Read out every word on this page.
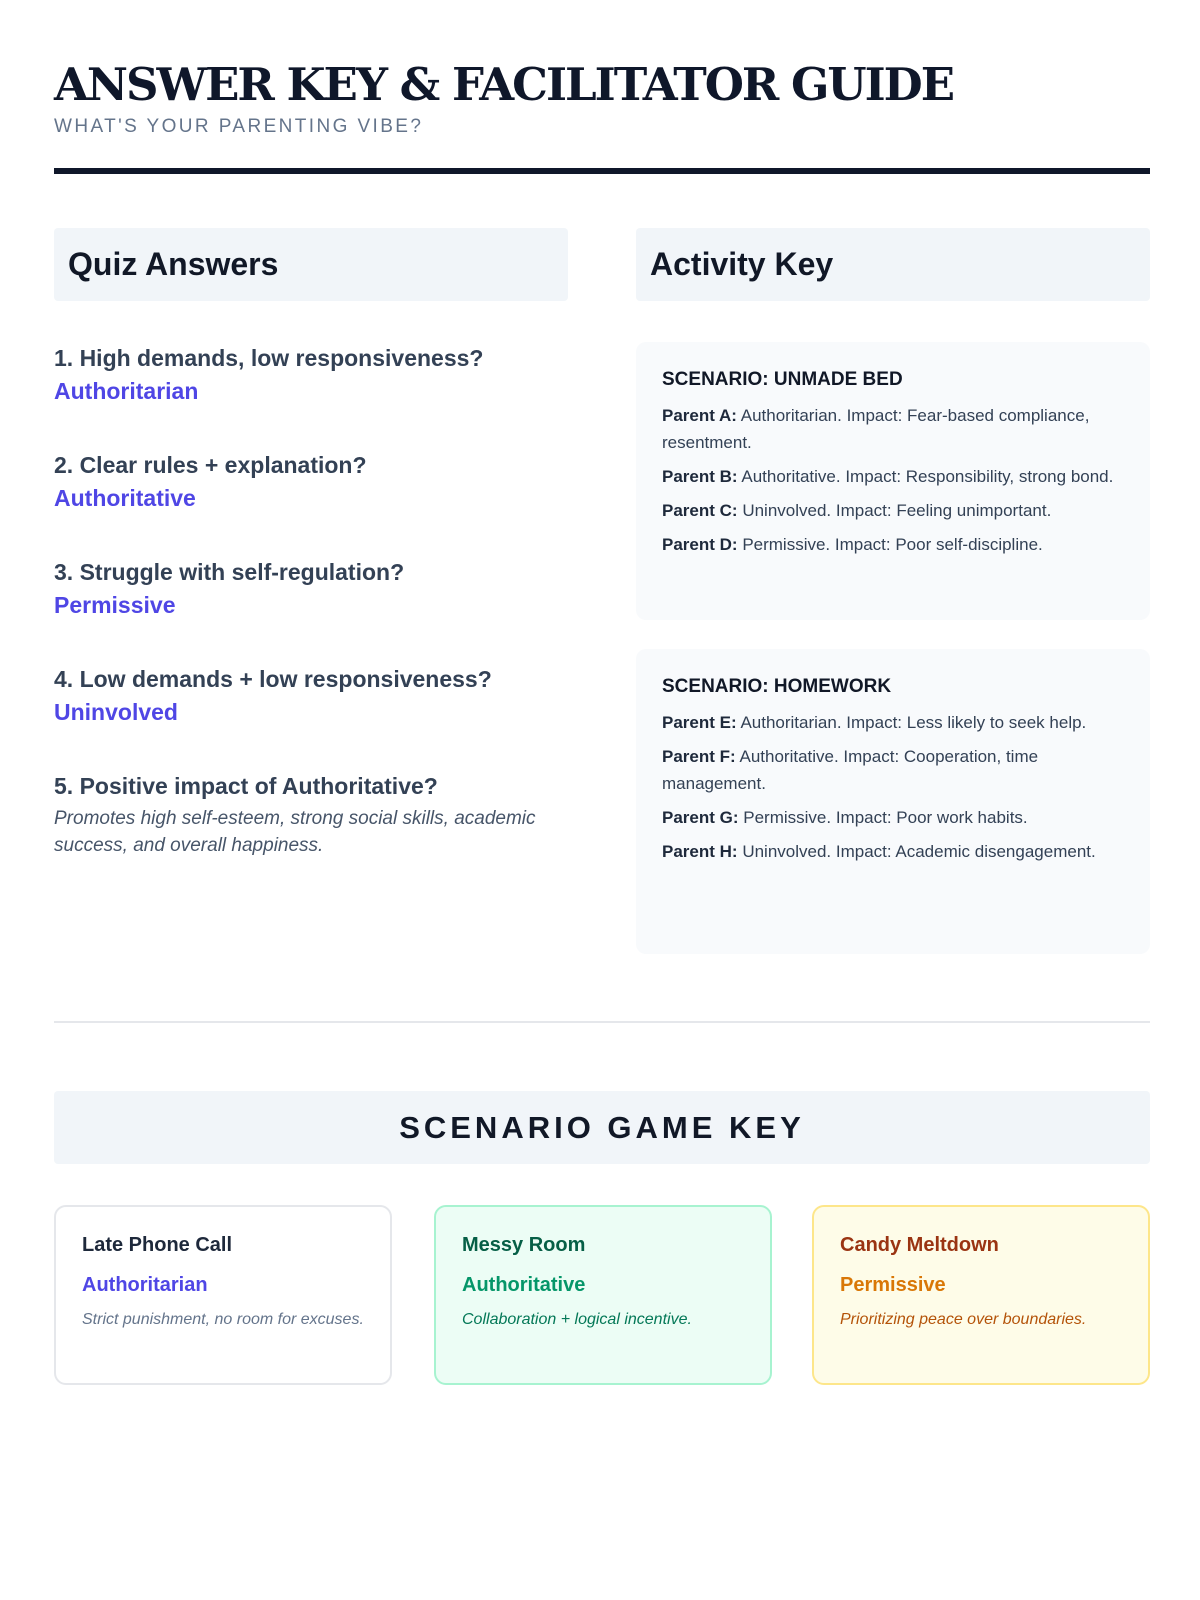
ANSWER KEY & FACILITATOR GUIDE
WHAT'S YOUR PARENTING VIBE?
Quiz Answers
1. High demands, low responsiveness?
Authoritarian
2. Clear rules + explanation?
Authoritative
3. Struggle with self-regulation?
Permissive
4. Low demands + low responsiveness?
Uninvolved
5. Positive impact of Authoritative?
Promotes high self-esteem, strong social skills, academic success, and overall happiness.
Activity Key
SCENARIO: UNMADE BED

Parent A: Authoritarian. Impact: Fear-based compliance, resentment.

Parent B: Authoritative. Impact: Responsibility, strong bond.

Parent C: Uninvolved. Impact: Feeling unimportant.

Parent D: Permissive. Impact: Poor self-discipline.

SCENARIO: HOMEWORK

Parent E: Authoritarian. Impact: Less likely to seek help.

Parent F: Authoritative. Impact: Cooperation, time management.

Parent G: Permissive. Impact: Poor work habits.

Parent H: Uninvolved. Impact: Academic disengagement.

SCENARIO GAME KEY
Late Phone Call
Authoritarian
Strict punishment, no room for excuses.
Messy Room
Authoritative
Collaboration + logical incentive.
Candy Meltdown
Permissive
Prioritizing peace over boundaries.
